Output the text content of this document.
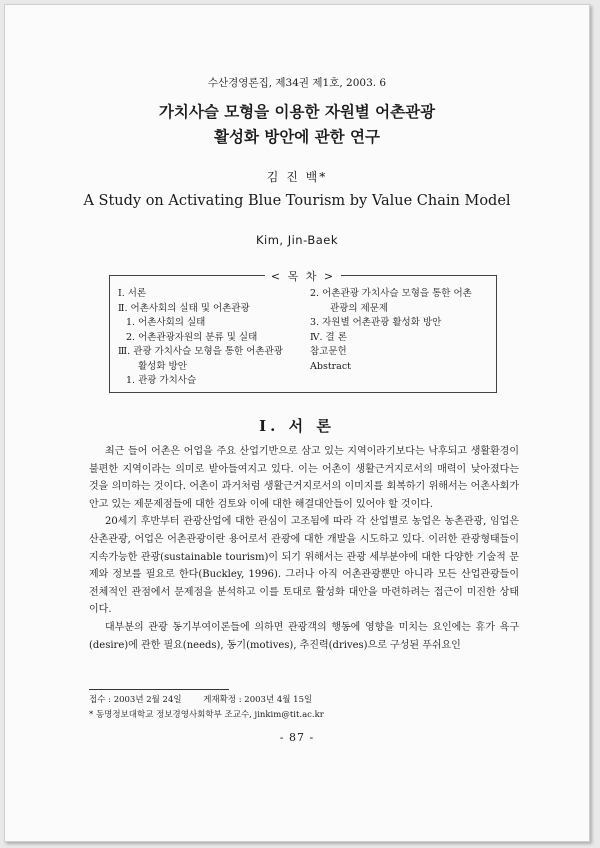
수산경영론집, 제34권 제1호, 2003. 6
가치사슬 모형을 이용한 자원별 어촌관광
활성화 방안에 관한 연구
김 진 백*
A Study on Activating Blue Tourism by Value Chain Model
Kim, Jin-Baek
< 목 차 >
Ⅰ. 서론
Ⅱ. 어촌사회의 실태 및 어촌관광
1. 어촌사회의 실태
2. 어촌관광자원의 분류 및 실태
Ⅲ. 관광 가치사슬 모형을 통한 어촌관광
활성화 방안
1. 관광 가치사슬
2. 어촌관광 가치사슬 모형을 통한 어촌
관광의 제문제
3. 자원별 어촌관광 활성화 방안
Ⅳ. 결 론
참고문헌
Abstract
Ⅰ. 서 론

최근 들어 어촌은 어업을 주요 산업기반으로 삼고 있는 지역이라기보다는 낙후되고 생활환경이 불편한 지역이라는 의미로 받아들여지고 있다. 이는 어촌이 생활근거지로서의 매력이 낮아졌다는 것을 의미하는 것이다. 어촌이 과거처럼 생활근거지로서의 이미지를 회복하기 위해서는 어촌사회가 안고 있는 제문제점들에 대한 검토와 이에 대한 해결대안들이 있어야 할 것이다.

20세기 후반부터 관광산업에 대한 관심이 고조됨에 따라 각 산업별로 농업은 농촌관광, 임업은 산촌관광, 어업은 어촌관광이란 용어로서 관광에 대한 개발을 시도하고 있다. 이러한 관광형태들이 지속가능한 관광(sustainable tourism)이 되기 위해서는 관광 세부분야에 대한 다양한 기술적 문제와 정보를 필요로 한다(Buckley, 1996). 그러나 아직 어촌관광뿐만 아니라 모든 산업관광들이 전체적인 관점에서 문제점을 분석하고 이를 토대로 활성화 대안을 마련하려는 접근이 미진한 상태이다.

대부분의 관광 동기부여이론들에 의하면 관광객의 행동에 영향을 미치는 요인에는 휴가 욕구(desire)에 관한 필요(needs), 동기(motives), 추진력(drives)으로 구성된 푸쉬요인

접수 : 2003년 2월 24일        게재확정 : 2003년 4월 15일
* 동명정보대학교 정보경영사회학부 조교수, jinkim@tit.ac.kr
- 87 -
